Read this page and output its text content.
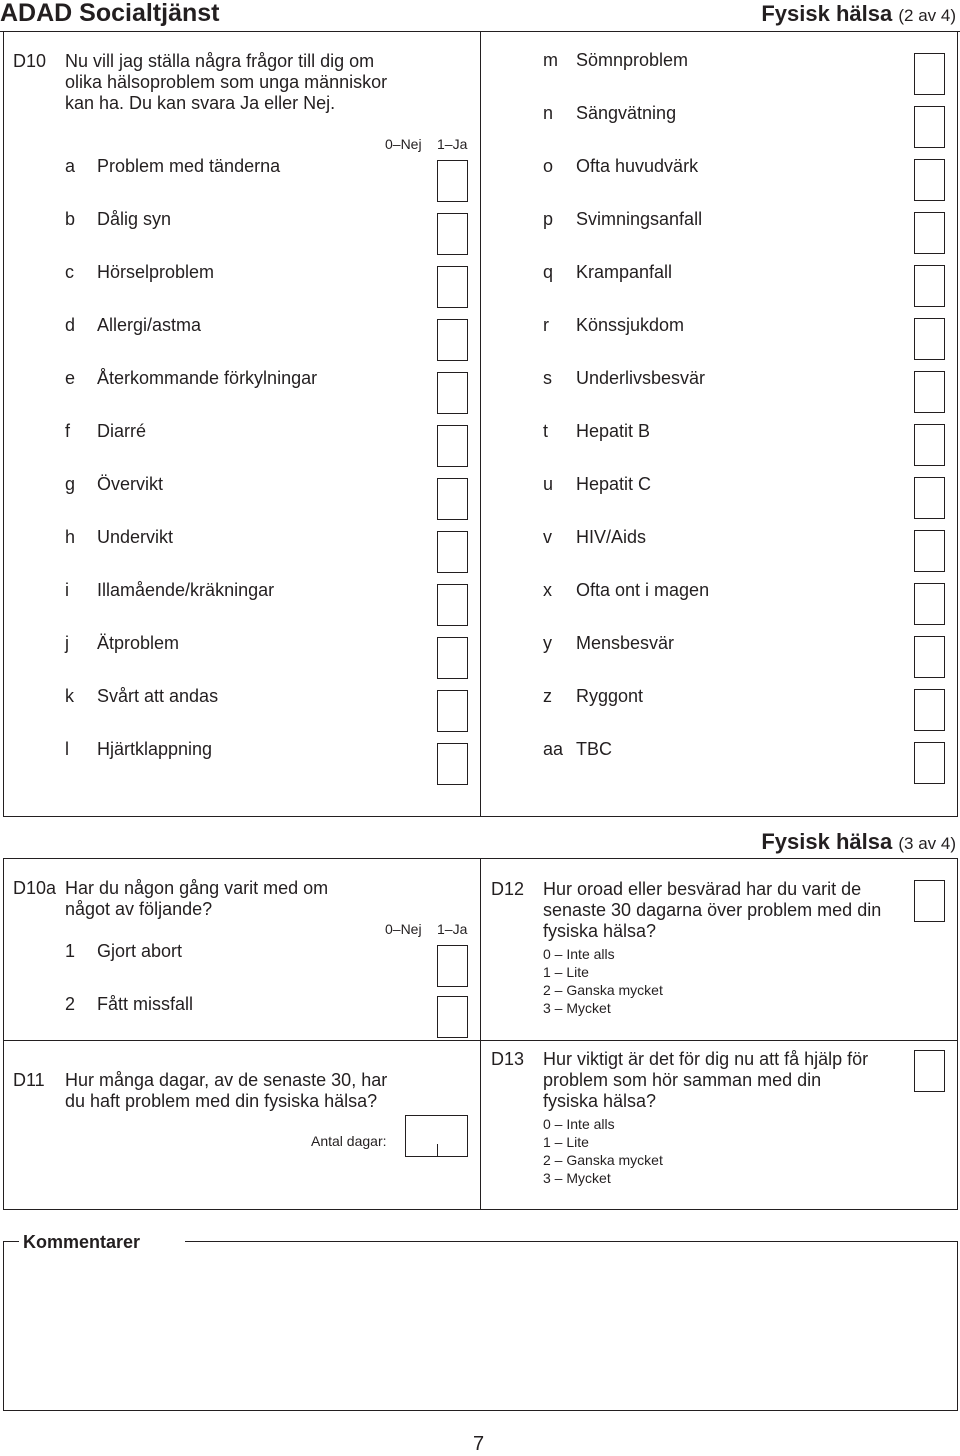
ADAD Socialtjänst	Fysisk hälsa (2 av 4)
D10 Nu vill jag ställa några frågor till dig om olika hälsoproblem som unga människor kan ha. Du kan svara Ja eller Nej.
0–Nej 1–Ja
a Problem med tänderna
b Dålig syn
c Hörselproblem
d Allergi/astma
e Återkommande förkylningar
f Diarré
g Övervikt
h Undervikt
i Illamående/kräkningar
j Ätproblem
k Svårt att andas
l Hjärtklappning
m Sömnproblem
n Sängvätning
o Ofta huvudvärk
p Svimningsanfall
q Krampanfall
r Könssjukdom
s Underlivsbesvär
t Hepatit B
u Hepatit C
v HIV/Aids
x Ofta ont i magen
y Mensbesvär
z Ryggont
aa TBC
Fysisk hälsa (3 av 4)
D10a Har du någon gång varit med om
något av följande?
0–Nej 1–Ja
1 Gjort abort
2 Fått missfall
D12 Hur oroad eller besvärad har du varit de senaste 30 dagarna över problem med din fysiska hälsa?
0 – Inte alls
1 – Lite
2 – Ganska mycket
3 – Mycket
D11 Hur många dagar, av de senaste 30, har du haft problem med din fysiska hälsa?
Antal dagar:
D13 Hur viktigt är det för dig nu att få hjälp för problem som hör samman med din fysiska hälsa?
0 – Inte alls
1 – Lite
2 – Ganska mycket
3 – Mycket
Kommentarer
7
